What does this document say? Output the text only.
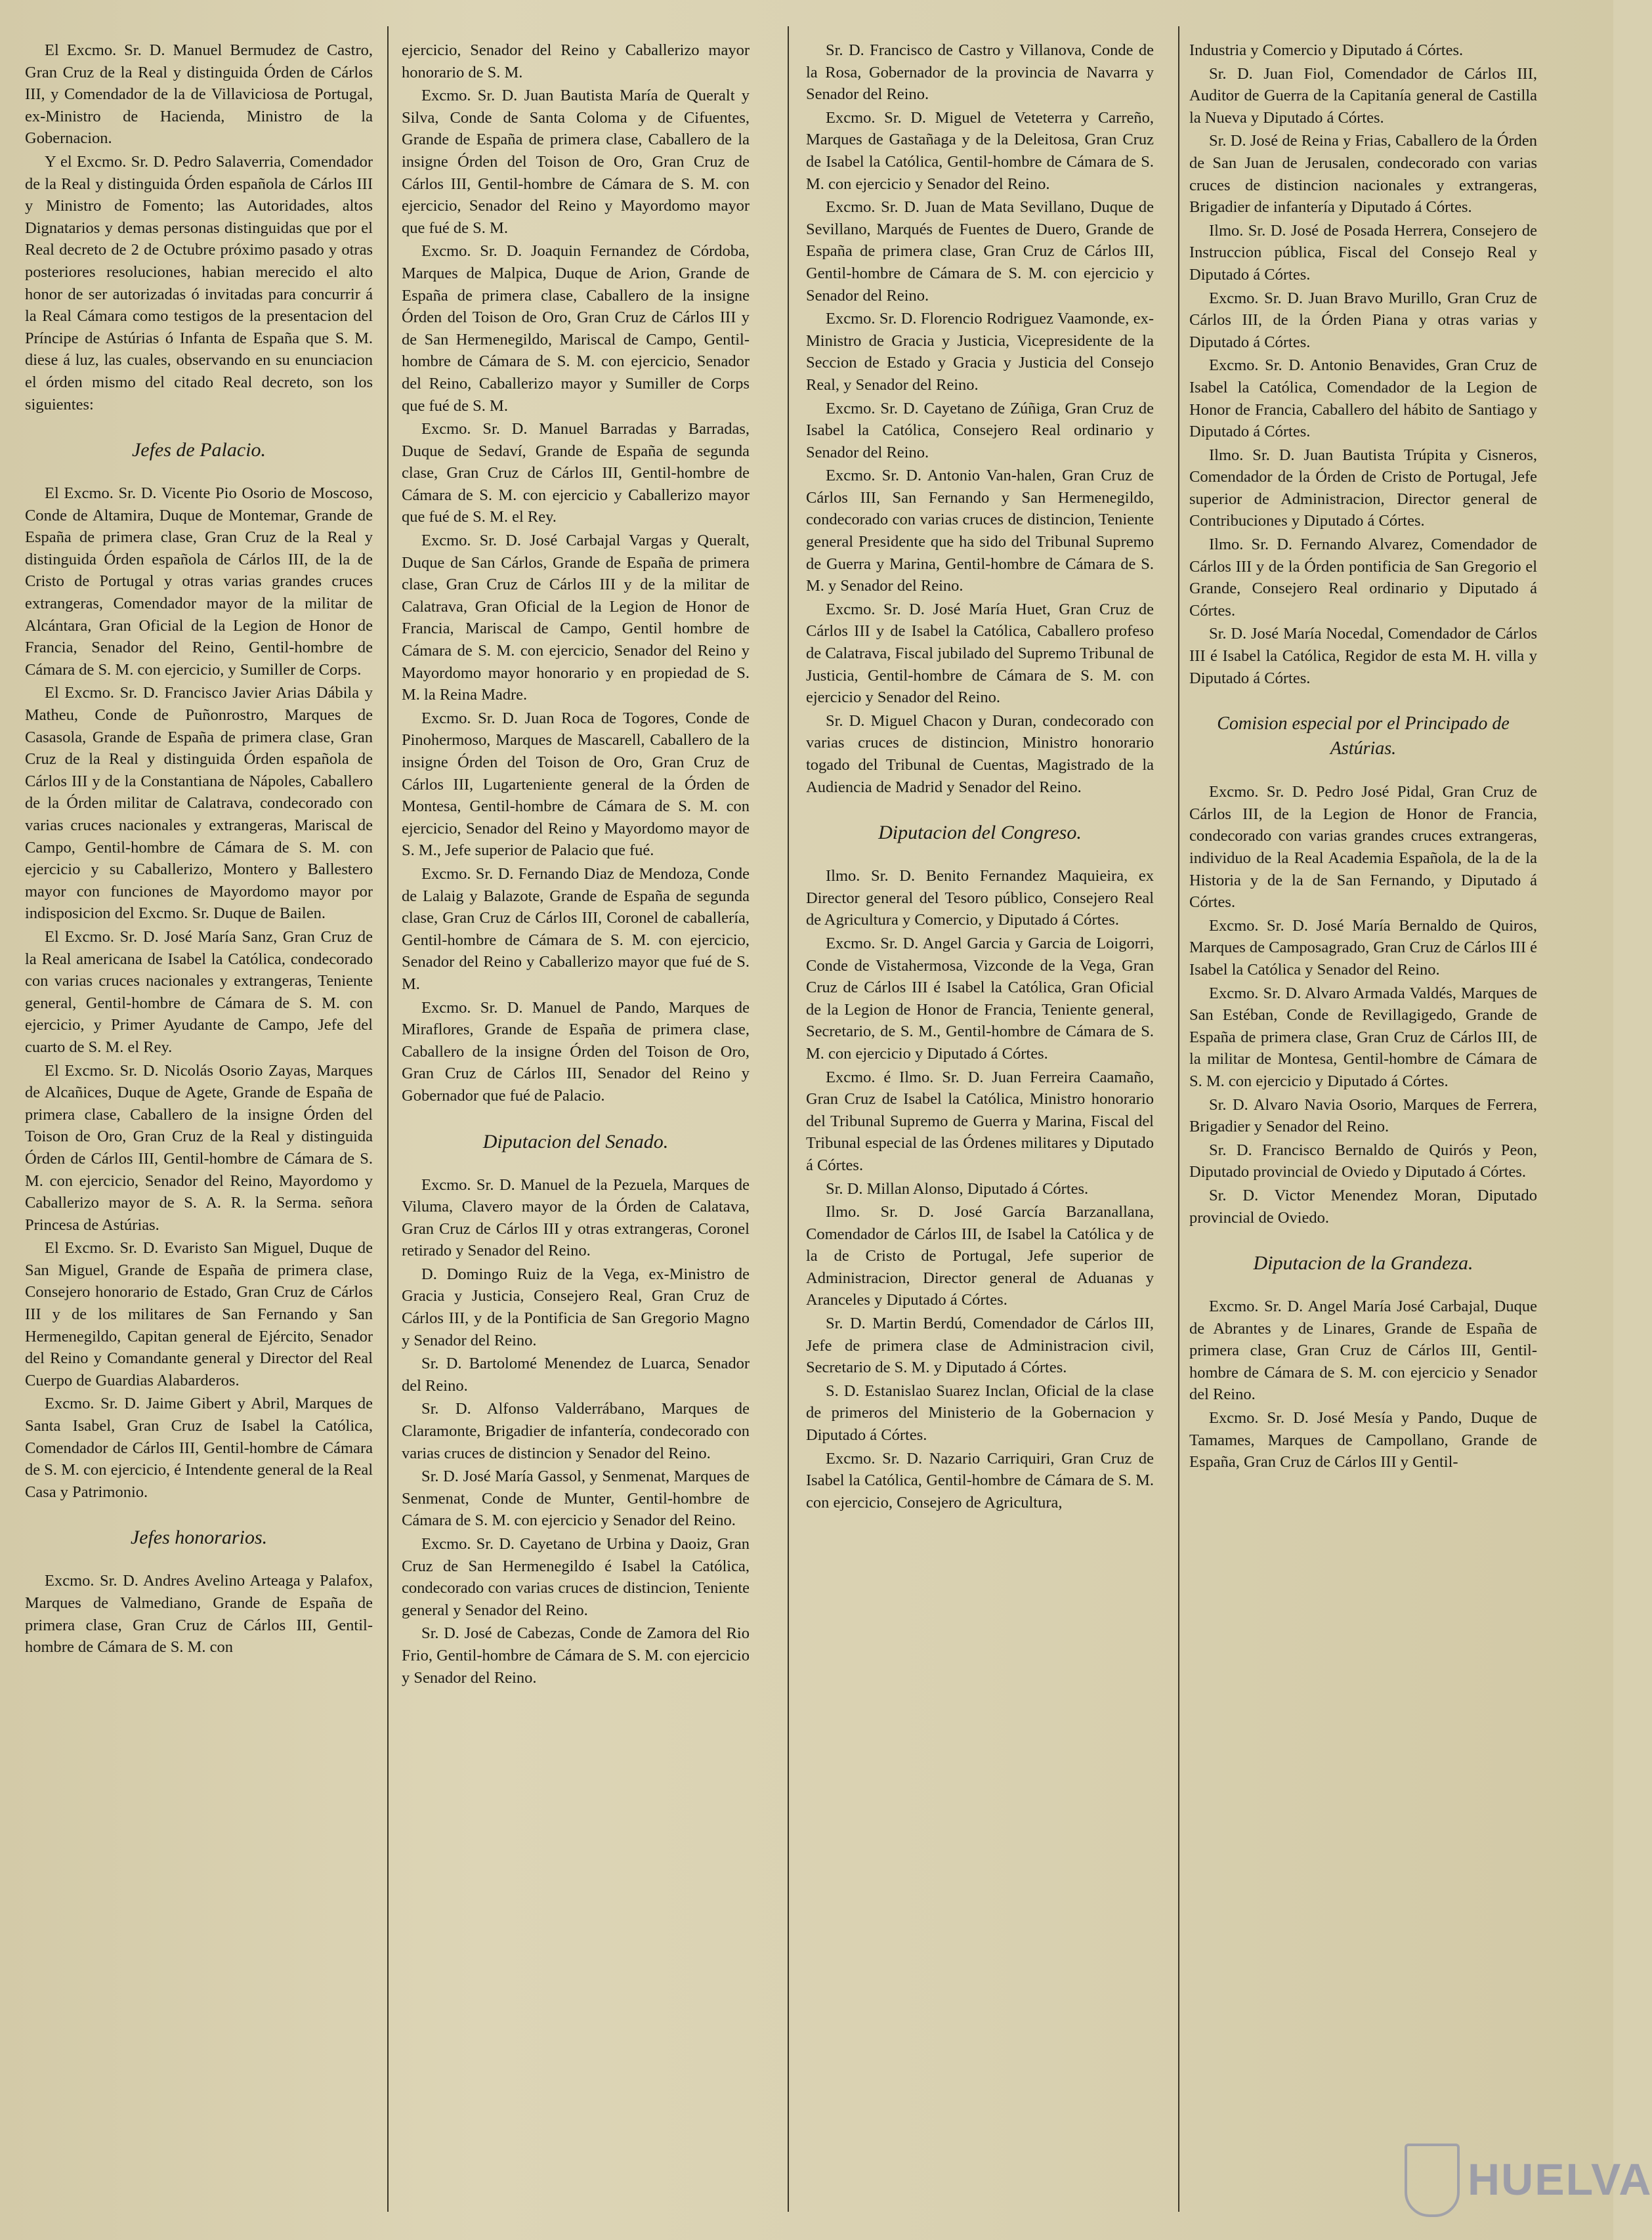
El Excmo. Sr. D. Manuel Bermudez de Castro, Gran Cruz de la Real y distinguida Órden de Cárlos III, y Comendador de la de Villaviciosa de Portugal, ex-Ministro de Hacienda, Ministro de la Gobernacion.

Y el Excmo. Sr. D. Pedro Salaverria, Comendador de la Real y distinguida Órden española de Cárlos III y Ministro de Fomento; las Autoridades, altos Dignatarios y demas personas distinguidas que por el Real decreto de 2 de Octubre próximo pasado y otras posteriores resoluciones, habian merecido el alto honor de ser autorizadas ó invitadas para concurrir á la Real Cámara como testigos de la presentacion del Príncipe de Astúrias ó Infanta de España que S. M. diese á luz, las cuales, observando en su enunciacion el órden mismo del citado Real decreto, son los siguientes:

Jefes de Palacio.

El Excmo. Sr. D. Vicente Pio Osorio de Moscoso, Conde de Altamira, Duque de Montemar, Grande de España de primera clase, Gran Cruz de la Real y distinguida Órden española de Cárlos III, de la de Cristo de Portugal y otras varias grandes cruces extrangeras, Comendador mayor de la militar de Alcántara, Gran Oficial de la Legion de Honor de Francia, Senador del Reino, Gentil-hombre de Cámara de S. M. con ejercicio, y Sumiller de Corps.

El Excmo. Sr. D. Francisco Javier Arias Dábila y Matheu, Conde de Puñonrostro, Marques de Casasola, Grande de España de primera clase, Gran Cruz de la Real y distinguida Órden española de Cárlos III y de la Constantiana de Nápoles, Caballero de la Órden militar de Calatrava, condecorado con varias cruces nacionales y extrangeras, Mariscal de Campo, Gentil-hombre de Cámara de S. M. con ejercicio y su Caballerizo, Montero y Ballestero mayor con funciones de Mayordomo mayor por indisposicion del Excmo. Sr. Duque de Bailen.

El Excmo. Sr. D. José María Sanz, Gran Cruz de la Real americana de Isabel la Católica, condecorado con varias cruces nacionales y extrangeras, Teniente general, Gentil-hombre de Cámara de S. M. con ejercicio, y Primer Ayudante de Campo, Jefe del cuarto de S. M. el Rey.

El Excmo. Sr. D. Nicolás Osorio Zayas, Marques de Alcañices, Duque de Agete, Grande de España de primera clase, Caballero de la insigne Órden del Toison de Oro, Gran Cruz de la Real y distinguida Órden de Cárlos III, Gentil-hombre de Cámara de S. M. con ejercicio, Senador del Reino, Mayordomo y Caballerizo mayor de S. A. R. la Serma. señora Princesa de Astúrias.

El Excmo. Sr. D. Evaristo San Miguel, Duque de San Miguel, Grande de España de primera clase, Consejero honorario de Estado, Gran Cruz de Cárlos III y de los militares de San Fernando y San Hermenegildo, Capitan general de Ejército, Senador del Reino y Comandante general y Director del Real Cuerpo de Guardias Alabarderos.

Excmo. Sr. D. Jaime Gibert y Abril, Marques de Santa Isabel, Gran Cruz de Isabel la Católica, Comendador de Cárlos III, Gentil-hombre de Cámara de S. M. con ejercicio, é Intendente general de la Real Casa y Patrimonio.

Jefes honorarios.

Excmo. Sr. D. Andres Avelino Arteaga y Palafox, Marques de Valmediano, Grande de España de primera clase, Gran Cruz de Cárlos III, Gentil-hombre de Cámara de S. M. con

ejercicio, Senador del Reino y Caballerizo mayor honorario de S. M.

Excmo. Sr. D. Juan Bautista María de Queralt y Silva, Conde de Santa Coloma y de Cifuentes, Grande de España de primera clase, Caballero de la insigne Órden del Toison de Oro, Gran Cruz de Cárlos III, Gentil-hombre de Cámara de S. M. con ejercicio, Senador del Reino y Mayordomo mayor que fué de S. M.

Excmo. Sr. D. Joaquin Fernandez de Córdoba, Marques de Malpica, Duque de Arion, Grande de España de primera clase, Caballero de la insigne Órden del Toison de Oro, Gran Cruz de Cárlos III y de San Hermenegildo, Mariscal de Campo, Gentil-hombre de Cámara de S. M. con ejercicio, Senador del Reino, Caballerizo mayor y Sumiller de Corps que fué de S. M.

Excmo. Sr. D. Manuel Barradas y Barradas, Duque de Sedaví, Grande de España de segunda clase, Gran Cruz de Cárlos III, Gentil-hombre de Cámara de S. M. con ejercicio y Caballerizo mayor que fué de S. M. el Rey.

Excmo. Sr. D. José Carbajal Vargas y Queralt, Duque de San Cárlos, Grande de España de primera clase, Gran Cruz de Cárlos III y de la militar de Calatrava, Gran Oficial de la Legion de Honor de Francia, Mariscal de Campo, Gentil hombre de Cámara de S. M. con ejercicio, Senador del Reino y Mayordomo mayor honorario y en propiedad de S. M. la Reina Madre.

Excmo. Sr. D. Juan Roca de Togores, Conde de Pinohermoso, Marques de Mascarell, Caballero de la insigne Órden del Toison de Oro, Gran Cruz de Cárlos III, Lugarteniente general de la Órden de Montesa, Gentil-hombre de Cámara de S. M. con ejercicio, Senador del Reino y Mayordomo mayor de S. M., Jefe superior de Palacio que fué.

Excmo. Sr. D. Fernando Diaz de Mendoza, Conde de Lalaig y Balazote, Grande de España de segunda clase, Gran Cruz de Cárlos III, Coronel de caballería, Gentil-hombre de Cámara de S. M. con ejercicio, Senador del Reino y Caballerizo mayor que fué de S. M.

Excmo. Sr. D. Manuel de Pando, Marques de Miraflores, Grande de España de primera clase, Caballero de la insigne Órden del Toison de Oro, Gran Cruz de Cárlos III, Senador del Reino y Gobernador que fué de Palacio.

Diputacion del Senado.

Excmo. Sr. D. Manuel de la Pezuela, Marques de Viluma, Clavero mayor de la Órden de Calatava, Gran Cruz de Cárlos III y otras extrangeras, Coronel retirado y Senador del Reino.

D. Domingo Ruiz de la Vega, ex-Ministro de Gracia y Justicia, Consejero Real, Gran Cruz de Cárlos III, y de la Pontificia de San Gregorio Magno y Senador del Reino.

Sr. D. Bartolomé Menendez de Luarca, Senador del Reino.

Sr. D. Alfonso Valderrábano, Marques de Claramonte, Brigadier de infantería, condecorado con varias cruces de distincion y Senador del Reino.

Sr. D. José María Gassol, y Senmenat, Marques de Senmenat, Conde de Munter, Gentil-hombre de Cámara de S. M. con ejercicio y Senador del Reino.

Excmo. Sr. D. Cayetano de Urbina y Daoiz, Gran Cruz de San Hermenegildo é Isabel la Católica, condecorado con varias cruces de distincion, Teniente general y Senador del Reino.

Sr. D. José de Cabezas, Conde de Zamora del Rio Frio, Gentil-hombre de Cámara de S. M. con ejercicio y Senador del Reino.

Sr. D. Francisco de Castro y Villanova, Conde de la Rosa, Gobernador de la provincia de Navarra y Senador del Reino.

Excmo. Sr. D. Miguel de Veteterra y Carreño, Marques de Gastañaga y de la Deleitosa, Gran Cruz de Isabel la Católica, Gentil-hombre de Cámara de S. M. con ejercicio y Senador del Reino.

Excmo. Sr. D. Juan de Mata Sevillano, Duque de Sevillano, Marqués de Fuentes de Duero, Grande de España de primera clase, Gran Cruz de Cárlos III, Gentil-hombre de Cámara de S. M. con ejercicio y Senador del Reino.

Excmo. Sr. D. Florencio Rodriguez Vaamonde, ex-Ministro de Gracia y Justicia, Vicepresidente de la Seccion de Estado y Gracia y Justicia del Consejo Real, y Senador del Reino.

Excmo. Sr. D. Cayetano de Zúñiga, Gran Cruz de Isabel la Católica, Consejero Real ordinario y Senador del Reino.

Excmo. Sr. D. Antonio Van-halen, Gran Cruz de Cárlos III, San Fernando y San Hermenegildo, condecorado con varias cruces de distincion, Teniente general Presidente que ha sido del Tribunal Supremo de Guerra y Marina, Gentil-hombre de Cámara de S. M. y Senador del Reino.

Excmo. Sr. D. José María Huet, Gran Cruz de Cárlos III y de Isabel la Católica, Caballero profeso de Calatrava, Fiscal jubilado del Supremo Tribunal de Justicia, Gentil-hombre de Cámara de S. M. con ejercicio y Senador del Reino.

Sr. D. Miguel Chacon y Duran, condecorado con varias cruces de distincion, Ministro honorario togado del Tribunal de Cuentas, Magistrado de la Audiencia de Madrid y Senador del Reino.

Diputacion del Congreso.

Ilmo. Sr. D. Benito Fernandez Maquieira, ex Director general del Tesoro público, Consejero Real de Agricultura y Comercio, y Diputado á Córtes.

Excmo. Sr. D. Angel Garcia y Garcia de Loigorri, Conde de Vistahermosa, Vizconde de la Vega, Gran Cruz de Cárlos III é Isabel la Católica, Gran Oficial de la Legion de Honor de Francia, Teniente general, Secretario, de S. M., Gentil-hombre de Cámara de S. M. con ejercicio y Diputado á Córtes.

Excmo. é Ilmo. Sr. D. Juan Ferreira Caamaño, Gran Cruz de Isabel la Católica, Ministro honorario del Tribunal Supremo de Guerra y Marina, Fiscal del Tribunal especial de las Órdenes militares y Diputado á Córtes.

Sr. D. Millan Alonso, Diputado á Córtes.

Ilmo. Sr. D. José García Barzanallana, Comendador de Cárlos III, de Isabel la Católica y de la de Cristo de Portugal, Jefe superior de Administracion, Director general de Aduanas y Aranceles y Diputado á Córtes.

Sr. D. Martin Berdú, Comendador de Cárlos III, Jefe de primera clase de Administracion civil, Secretario de S. M. y Diputado á Córtes.

S. D. Estanislao Suarez Inclan, Oficial de la clase de primeros del Ministerio de la Gobernacion y Diputado á Córtes.

Excmo. Sr. D. Nazario Carriquiri, Gran Cruz de Isabel la Católica, Gentil-hombre de Cámara de S. M. con ejercicio, Consejero de Agricultura,

Industria y Comercio y Diputado á Córtes.

Sr. D. Juan Fiol, Comendador de Cárlos III, Auditor de Guerra de la Capitanía general de Castilla la Nueva y Diputado á Córtes.

Sr. D. José de Reina y Frias, Caballero de la Órden de San Juan de Jerusalen, condecorado con varias cruces de distincion nacionales y extrangeras, Brigadier de infantería y Diputado á Córtes.

Ilmo. Sr. D. José de Posada Herrera, Consejero de Instruccion pública, Fiscal del Consejo Real y Diputado á Córtes.

Excmo. Sr. D. Juan Bravo Murillo, Gran Cruz de Cárlos III, de la Órden Piana y otras varias y Diputado á Córtes.

Excmo. Sr. D. Antonio Benavides, Gran Cruz de Isabel la Católica, Comendador de la Legion de Honor de Francia, Caballero del hábito de Santiago y Diputado á Córtes.

Ilmo. Sr. D. Juan Bautista Trúpita y Cisneros, Comendador de la Órden de Cristo de Portugal, Jefe superior de Administracion, Director general de Contribuciones y Diputado á Córtes.

Ilmo. Sr. D. Fernando Alvarez, Comendador de Cárlos III y de la Órden pontificia de San Gregorio el Grande, Consejero Real ordinario y Diputado á Córtes.

Sr. D. José María Nocedal, Comendador de Cárlos III é Isabel la Católica, Regidor de esta M. H. villa y Diputado á Córtes.

Comision especial por el Principado de Astúrias.

Excmo. Sr. D. Pedro José Pidal, Gran Cruz de Cárlos III, de la Legion de Honor de Francia, condecorado con varias grandes cruces extrangeras, individuo de la Real Academia Española, de la de la Historia y de la de San Fernando, y Diputado á Córtes.

Excmo. Sr. D. José María Bernaldo de Quiros, Marques de Camposagrado, Gran Cruz de Cárlos III é Isabel la Católica y Senador del Reino.

Excmo. Sr. D. Alvaro Armada Valdés, Marques de San Estéban, Conde de Revillagigedo, Grande de España de primera clase, Gran Cruz de Cárlos III, de la militar de Montesa, Gentil-hombre de Cámara de S. M. con ejercicio y Diputado á Córtes.

Sr. D. Alvaro Navia Osorio, Marques de Ferrera, Brigadier y Senador del Reino.

Sr. D. Francisco Bernaldo de Quirós y Peon, Diputado provincial de Oviedo y Diputado á Córtes.

Sr. D. Victor Menendez Moran, Diputado provincial de Oviedo.

Diputacion de la Grandeza.

Excmo. Sr. D. Angel María José Carbajal, Duque de Abrantes y de Linares, Grande de España de primera clase, Gran Cruz de Cárlos III, Gentil-hombre de Cámara de S. M. con ejercicio y Senador del Reino.

Excmo. Sr. D. José Mesía y Pando, Duque de Tamames, Marques de Campollano, Grande de España, Gran Cruz de Cárlos III y Gentil-

HUELVA
